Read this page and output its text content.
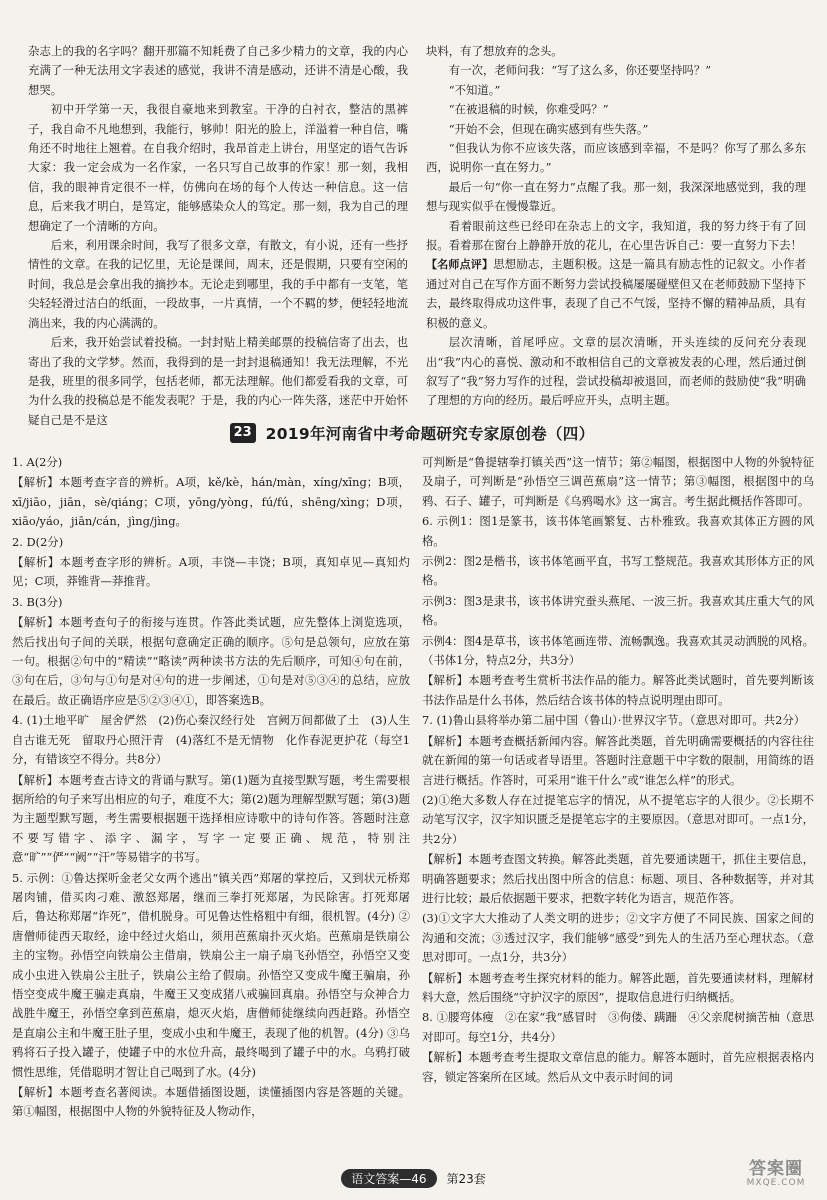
杂志上的我的名字吗？翻开那篇不知耗费了自己多少精力的文章，我的内心充满了一种无法用文字表述的感觉，我讲不清是感动，还讲不清是心酸，我想哭。

初中开学第一天，我很自豪地来到教室。干净的白衬衣，整洁的黑裤子，我自命不凡地想到，我能行，够帅！阳光的脸上，洋溢着一种自信，嘴角还不时地往上翘着。在自我介绍时，我昂首走上讲台，用坚定的语气告诉大家：我一定会成为一名作家，一名只写自己故事的作家！那一刻，我相信，我的眼神肯定很不一样，仿佛向在场的每个人传达一种信息。这一信息，后来我才明白，是笃定，能够感染众人的笃定。那一刻，我为自己的理想确定了一个清晰的方向。

后来，利用课余时间，我写了很多文章，有散文，有小说，还有一些抒情性的文章。在我的记忆里，无论是课间，周末，还是假期，只要有空闲的时间，我总是会拿出我的摘抄本。无论走到哪里，我的手中都有一支笔，笔尖轻轻滑过洁白的纸面，一段故事，一片真情，一个不羁的梦，便轻轻地流淌出来，我的内心满满的。

后来，我开始尝试着投稿。一封封贴上精美邮票的投稿信寄了出去，也寄出了我的文学梦。然而，我得到的是一封封退稿通知！我无法理解，不光是我，班里的很多同学，包括老师，都无法理解。他们都爱看我的文章，可为什么我的投稿总是不能发表呢？于是，我的内心一阵失落，迷茫中开始怀疑自己是不是这

块料，有了想放弃的念头。

有一次，老师问我：“写了这么多，你还要坚持吗？”

“不知道。”

“在被退稿的时候，你难受吗？”

“开始不会，但现在确实感到有些失落。”

“但我认为你不应该失落，而应该感到幸福，不是吗？你写了那么多东西，说明你一直在努力。”

最后一句“你一直在努力”点醒了我。那一刻，我深深地感觉到，我的理想与现实似乎在慢慢靠近。

看着眼前这些已经印在杂志上的文字，我知道，我的努力终于有了回报。看着那在窗台上静静开放的花儿，在心里告诉自己：要一直努力下去！

【名师点评】思想励志，主题积极。这是一篇具有励志性的记叙文。小作者通过对自己在写作方面不断努力尝试投稿屡屡碰壁但又在老师鼓励下坚持下去，最终取得成功这件事，表现了自己不气馁，坚持不懈的精神品质，具有积极的意义。

层次清晰，首尾呼应。文章的层次清晰，开头连续的反问充分表现出“我”内心的喜悦、激动和不敢相信自己的文章被发表的心理，然后通过倒叙写了“我”努力写作的过程，尝试投稿却被退回，而老师的鼓励使“我”明确了理想的方向的经历。最后呼应开头，点明主题。

23 2019年河南省中考命题研究专家原创卷（四）

1. A(2分)

【解析】本题考查字音的辨析。A项，kě/kè，hán/màn，xíng/xīng；B项，xī/jiāo，jiān，sè/qiáng；C项，yōng/yòng，fú/fú，shēng/xìng；D项，xiāo/yáo，jiān/cán，jìng/jìng。

2. D(2分)

【解析】本题考查字形的辨析。A项，丰饶—丰饶；B项，真知卓见—真知灼见；C项，莽锥背—莽推背。

3. B(3分)

【解析】本题考查句子的衔接与连贯。作答此类试题，应先整体上浏览选项，然后找出句子间的关联，根据句意确定正确的顺序。⑤句是总领句，应放在第一句。根据②句中的“精读”“略读”两种读书方法的先后顺序，可知④句在前，③句在后，③句与①句是对④句的进一步阐述，①句是对⑤③④的总结，应放在最后。故正确语序应是⑤②③④①，即答案选B。

4. (1)土地平旷　屋舍俨然　(2)伤心秦汉经行处　宫阙万间都做了土　(3)人生自古谁无死　留取丹心照汗青　(4)落红不是无情物　化作春泥更护花（每空1分，有错该空不得分。共8分）

【解析】本题考查古诗文的背诵与默写。第(1)题为直接型默写题，考生需要根据所给的句子来写出相应的句子，难度不大；第(2)题为理解型默写题；第(3)题为主题型默写题，考生需要根据题干选择相应诗歌中的诗句作答。答题时注意不要写错字、添字、漏字，写字一定要正确、规范，特别注意“旷”“俨”“阙”“汗”等易错字的书写。

5. 示例：①鲁达探听金老父女两个逃出“镇关西”郑屠的掌控后，又到状元桥郑屠肉铺，借买肉刁难、激怒郑屠，继而三拳打死郑屠，为民除害。打死郑屠后，鲁达称郑屠“诈死”，借机脱身。可见鲁达性格粗中有细，很机智。(4分) ②唐僧师徒西天取经，途中经过火焰山，须用芭蕉扇扑灭火焰。芭蕉扇是铁扇公主的宝物。孙悟空向铁扇公主借扇，铁扇公主一扇子扇飞孙悟空，孙悟空又变成小虫进入铁扇公主肚子，铁扇公主给了假扇。孙悟空又变成牛魔王骗扇，孙悟空变成牛魔王骗走真扇，牛魔王又变成猪八戒骗回真扇。孙悟空与众神合力战胜牛魔王，孙悟空拿到芭蕉扇，熄灭火焰，唐僧师徒继续向西赶路。孙悟空是直扇公主和牛魔王肚子里，变成小虫和牛魔王，表现了他的机智。(4分) ③乌鸦将石子投入罐子，使罐子中的水位升高，最终喝到了罐子中的水。乌鸦打破惯性思维，凭借聪明才智让自己喝到了水。(4分)

【解析】本题考查名著阅读。本题借插图设题，读懂插图内容是答题的关键。第①幅图，根据图中人物的外貌特征及人物动作，

可判断是“鲁提辖拳打镇关西”这一情节；第②幅图，根据图中人物的外貌特征及扇子，可判断是“孙悟空三调芭蕉扇”这一情节；第③幅图，根据图中的乌鸦、石子、罐子，可判断是《乌鸦喝水》这一寓言。考生据此概括作答即可。

6. 示例1：图1是篆书，该书体笔画繁复、古朴雅致。我喜欢其体正方圆的风格。

示例2：图2是楷书，该书体笔画平直，书写工整规范。我喜欢其形体方正的风格。

示例3：图3是隶书，该书体讲究蚕头燕尾、一波三折。我喜欢其庄重大气的风格。

示例4：图4是草书，该书体笔画连带、流畅飘逸。我喜欢其灵动洒脱的风格。（书体1分，特点2分，共3分）

【解析】本题考查考生赏析书法作品的能力。解答此类试题时，首先要判断该书法作品是什么书体，然后结合该书体的特点说明理由即可。

7. (1)鲁山县将举办第二届中国（鲁山）·世界汉字节。（意思对即可。共2分）

【解析】本题考查概括新闻内容。解答此类题，首先明确需要概括的内容往往就在新闻的第一句话或者导语里。答题时注意题干中字数的限制，用简练的语言进行概括。作答时，可采用“谁干什么”或“谁怎么样”的形式。

(2)①绝大多数人存在过提笔忘字的情况，从不提笔忘字的人很少。②长期不动笔写汉字，汉字知识匮乏是提笔忘字的主要原因。（意思对即可。一点1分，共2分）

【解析】本题考查图文转换。解答此类题，首先要通读题干，抓住主要信息，明确答题要求；然后找出图中所含的信息：标题、项目、各种数据等，并对其进行比较；最后依据题干要求，把数字转化为语言，规范作答。

(3)①文字大大推动了人类文明的进步；②文字方便了不同民族、国家之间的沟通和交流；③透过汉字，我们能够“感受”到先人的生活乃至心理状态。（意思对即可。一点1分，共3分）

【解析】本题考查考生探究材料的能力。解答此题，首先要通读材料，理解材料大意，然后围绕“守护汉字的原因”，提取信息进行归纳概括。

8. ①腰弯体瘦　②在家“我”感冒时　③佝偻、蹒跚　④父亲爬树摘苦柚（意思对即可。每空1分，共4分）

【解析】本题考查考生提取文章信息的能力。解答本题时，首先应根据表格内容，锁定答案所在区域。然后从文中表示时间的词

语文答案—46	第23套	答案圈
MXQE.COM
